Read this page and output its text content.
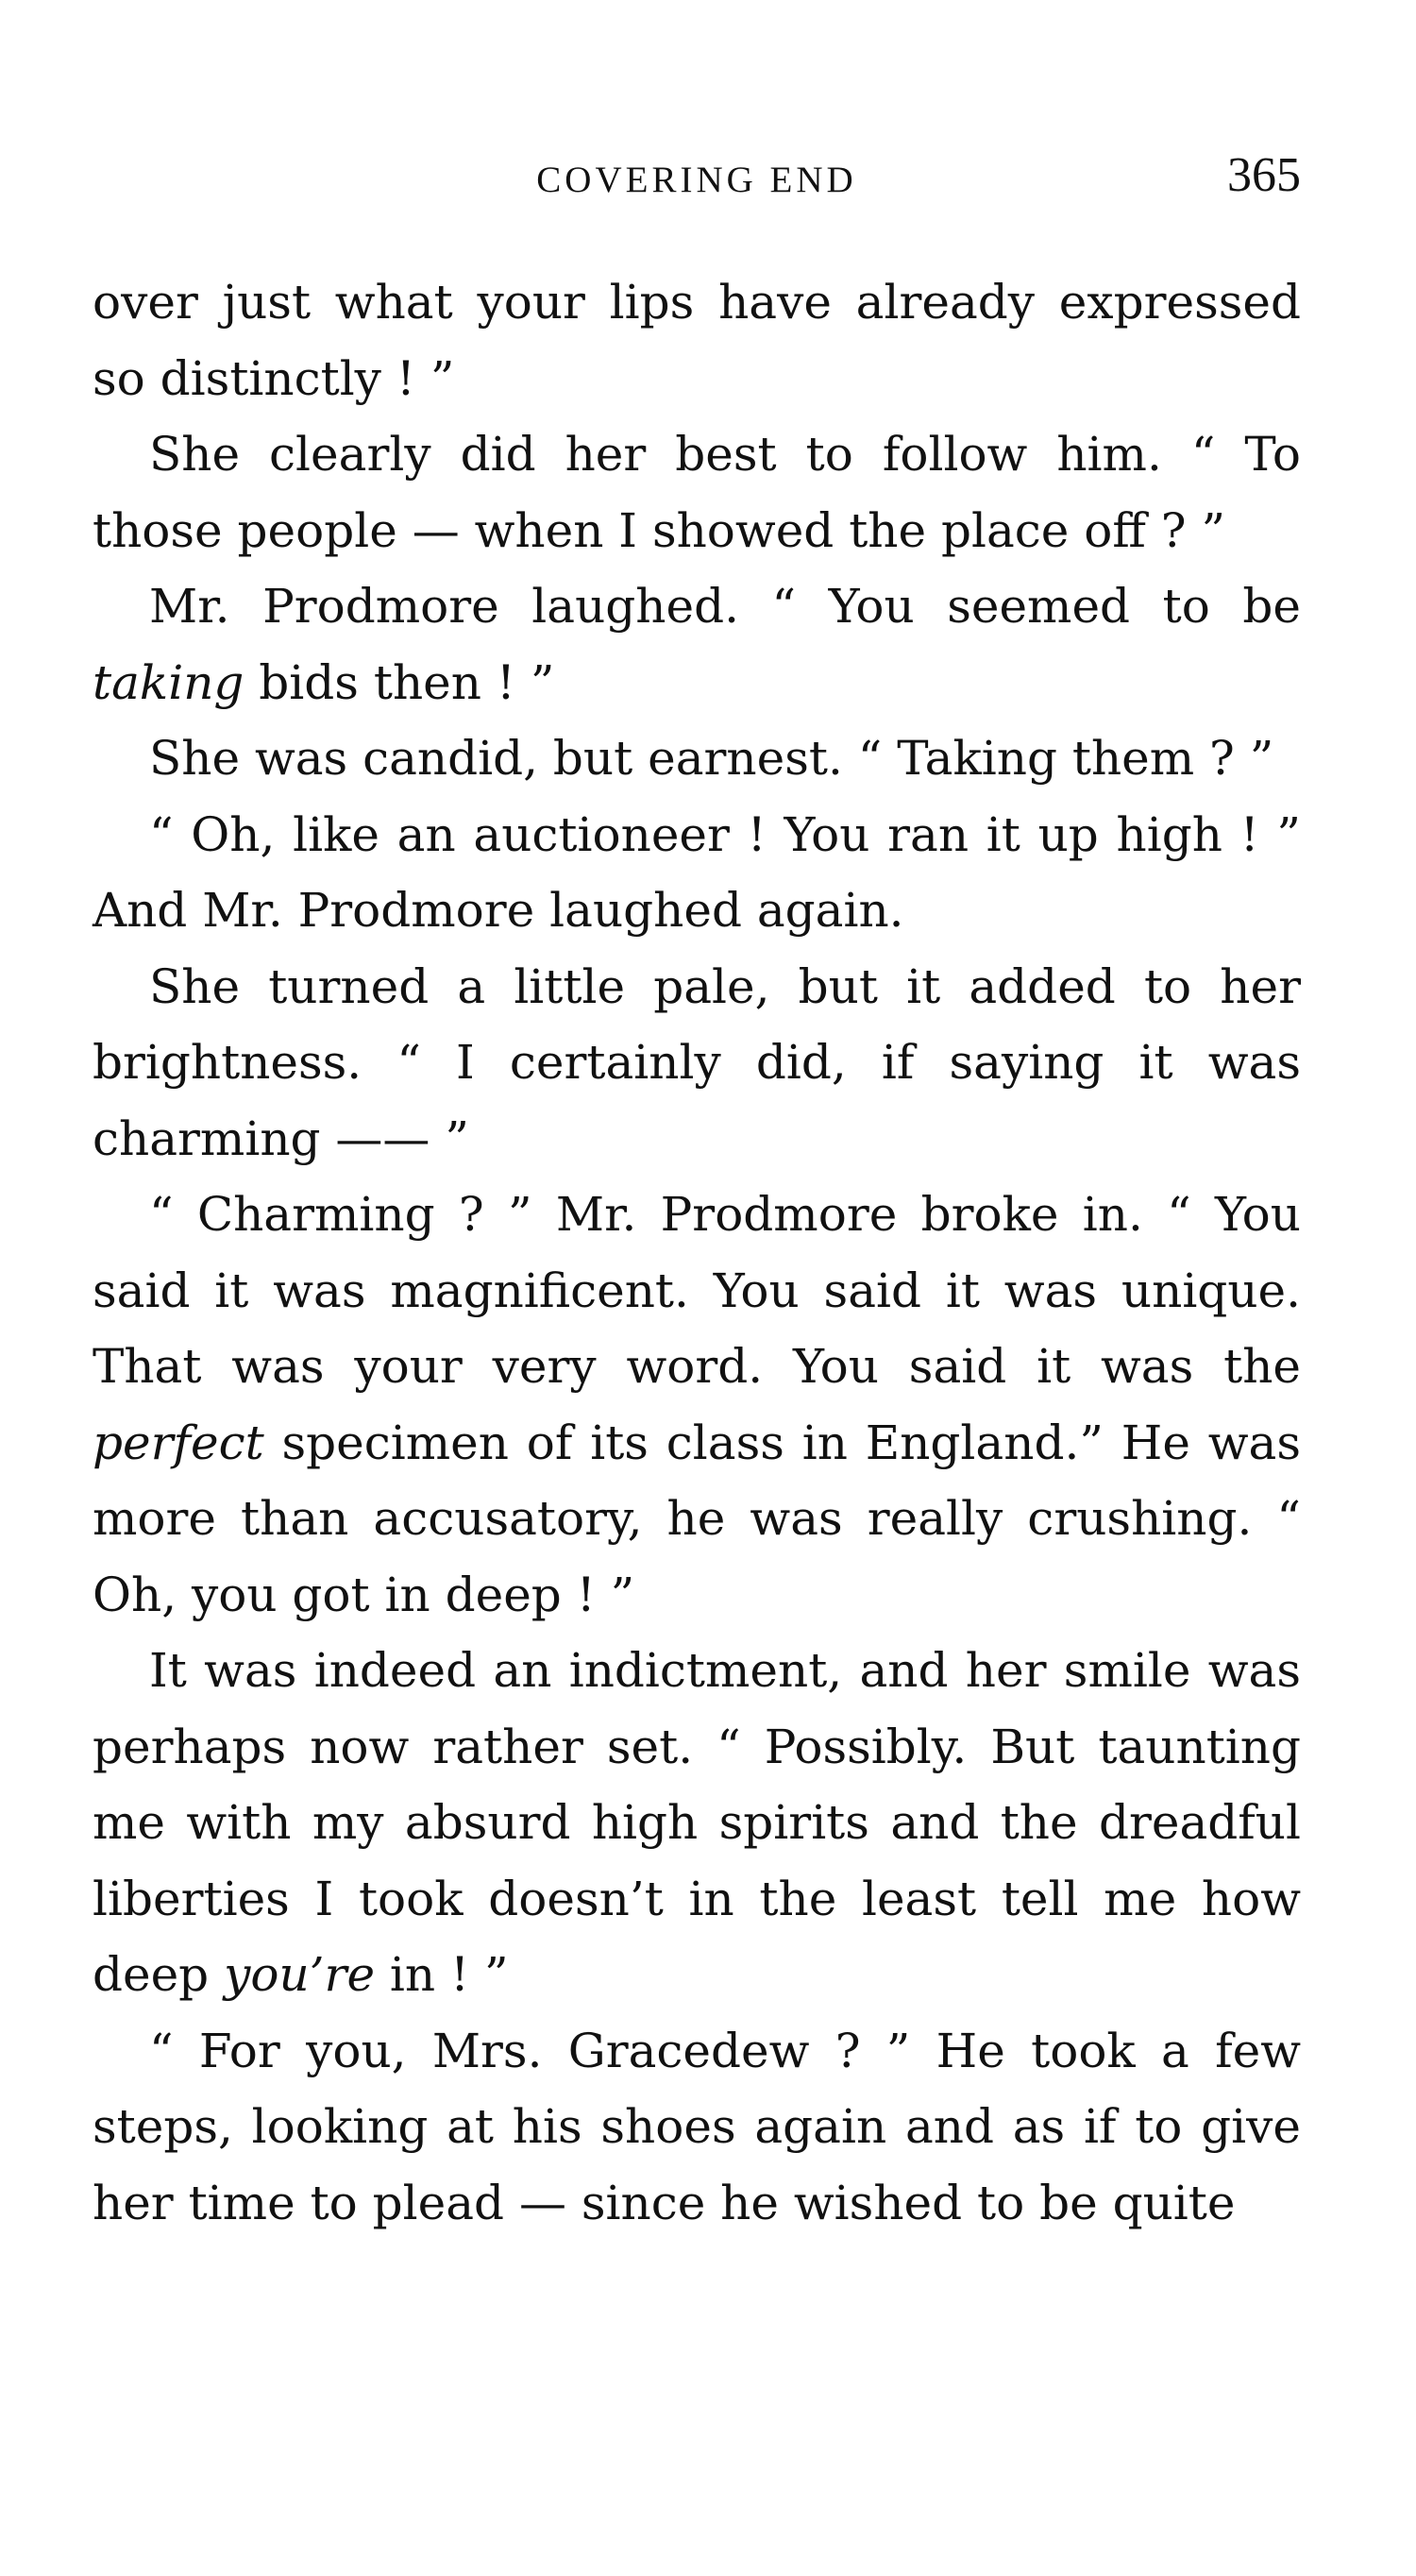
COVERING END	365

over just what your lips have already expressed so distinctly ! ”

She clearly did her best to follow him. “ To those people — when I showed the place off ? ”

Mr. Prodmore laughed. “ You seemed to be taking bids then ! ”

She was candid, but earnest. “ Taking them ? ”

“ Oh, like an auctioneer ! You ran it up high ! ” And Mr. Prodmore laughed again.

She turned a little pale, but it added to her brightness. “ I certainly did, if saying it was charming —— ”

“ Charming ? ” Mr. Prodmore broke in. “ You said it was magnificent. You said it was unique. That was your very word. You said it was the perfect specimen of its class in England.” He was more than accusatory, he was really crushing. “ Oh, you got in deep ! ”

It was indeed an indictment, and her smile was perhaps now rather set. “ Possibly. But taunting me with my absurd high spirits and the dreadful liberties I took doesn’t in the least tell me how deep you’re in ! ”

“ For you, Mrs. Gracedew ? ” He took a few steps, looking at his shoes again and as if to give her time to plead — since he wished to be quite
